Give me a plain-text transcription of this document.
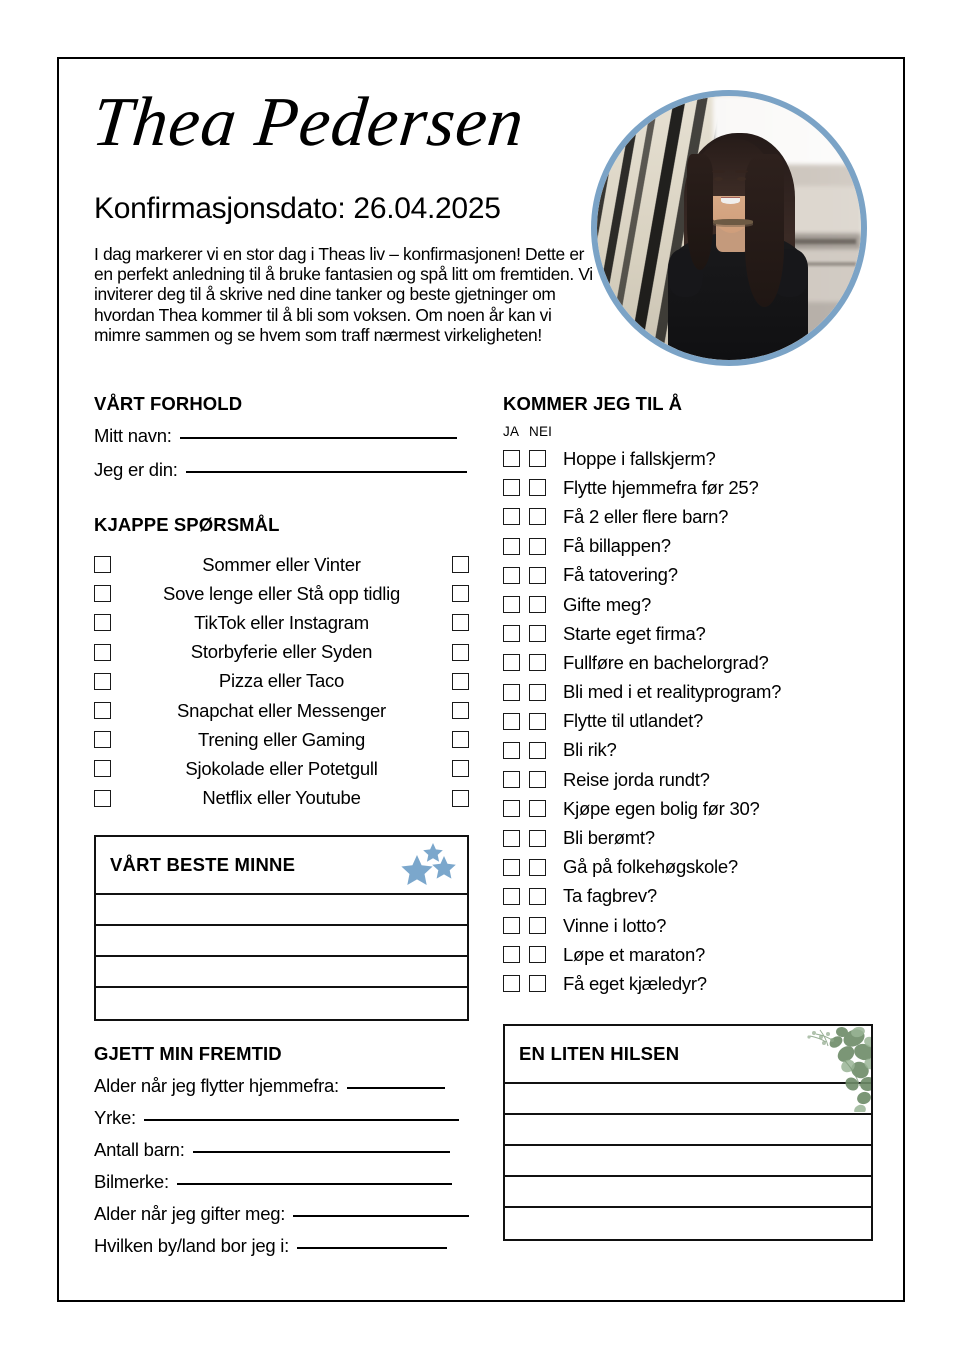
Thea Pedersen
Konfirmasjonsdato: 26.04.2025
I dag markerer vi en stor dag i Theas liv – konfirmasjonen! Dette er en perfekt anledning til å bruke fantasien og spå litt om fremtiden. Vi inviterer deg til å skrive ned dine tanker og beste gjetninger om hvordan Thea kommer til å bli som voksen. Om noen år kan vi mimre sammen og se hvem som traff nærmest virkeligheten!
VÅRT FORHOLD
Mitt navn:
Jeg er din:
KJAPPE SPØRSMÅL
Sommer eller Vinter
Sove lenge eller Stå opp tidlig
TikTok eller Instagram
Storbyferie eller Syden
Pizza eller Taco
Snapchat eller Messenger
Trening eller Gaming
Sjokolade eller Potetgull
Netflix eller Youtube
VÅRT BESTE MINNE
GJETT MIN FREMTID
Alder når jeg flytter hjemmefra:
Yrke:
Antall barn:
Bilmerke:
Alder når jeg gifter meg:
Hvilken by/land bor jeg i:
KOMMER JEG TIL Å
JA NEI
Hoppe i fallskjerm?
Flytte hjemmefra før 25?
Få 2 eller flere barn?
Få billappen?
Få tatovering?
Gifte meg?
Starte eget firma?
Fullføre en bachelorgrad?
Bli med i et realityprogram?
Flytte til utlandet?
Bli rik?
Reise jorda rundt?
Kjøpe egen bolig før 30?
Bli berømt?
Gå på folkehøgskole?
Ta fagbrev?
Vinne i lotto?
Løpe et maraton?
Få eget kjæledyr?
EN LITEN HILSEN
